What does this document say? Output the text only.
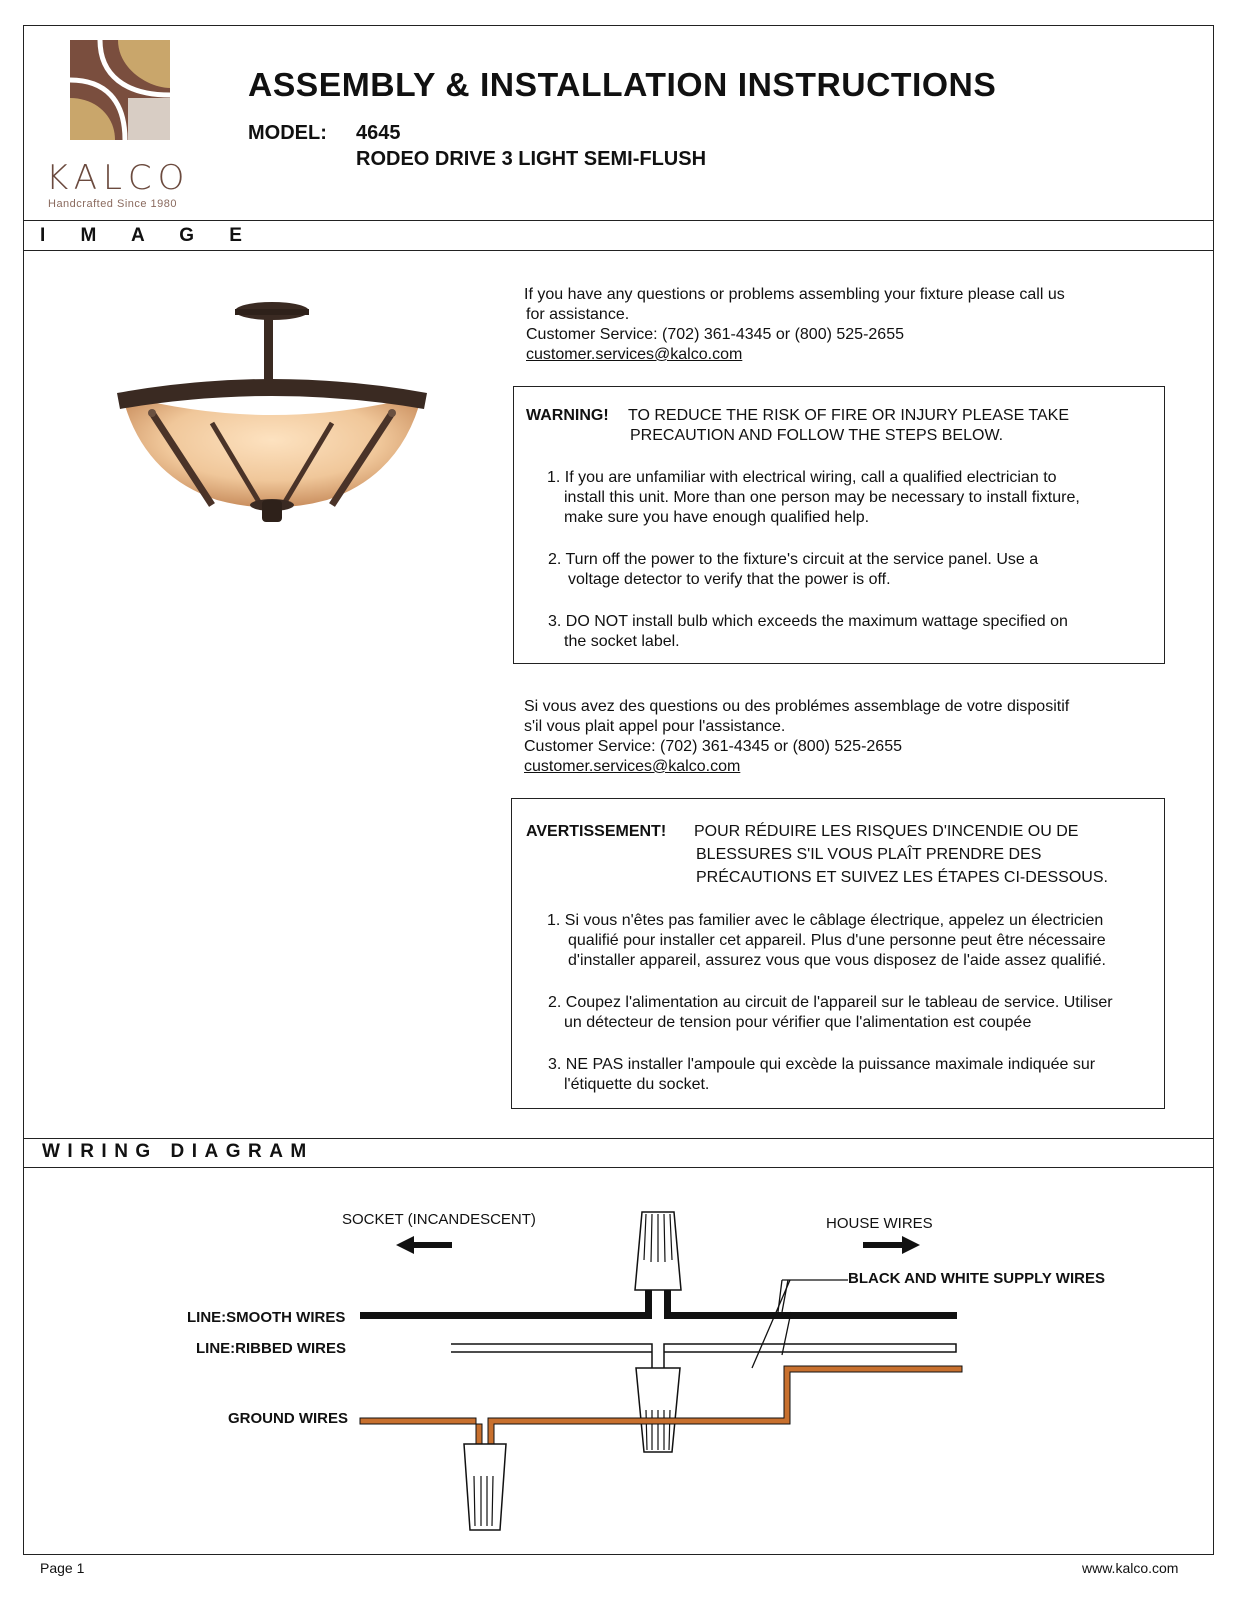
KALCO
Handcrafted Since 1980
ASSEMBLY & INSTALLATION INSTRUCTIONS
MODEL: 4645
RODEO DRIVE 3 LIGHT SEMI-FLUSH
I M A G E
WIRING DIAGRAM
If you have any questions or problems assembling your fixture please call us
for assistance.
Customer Service: (702) 361-4345 or (800) 525-2655
customer.services@kalco.com
WARNING! TO REDUCE THE RISK OF FIRE OR INJURY PLEASE TAKE
PRECAUTION AND FOLLOW THE STEPS BELOW.
1. If you are unfamiliar with electrical wiring, call a qualified electrician to
install this unit. More than one person may be necessary to install fixture,
make sure you have enough qualified help.
2. Turn off the power to the fixture's circuit at the service panel. Use a
voltage detector to verify that the power is off.
3. DO NOT install bulb which exceeds the maximum wattage specified on
the socket label.
Si vous avez des questions ou des problémes assemblage de votre dispositif
s'il vous plait appel pour l'assistance.
Customer Service: (702) 361-4345 or (800) 525-2655
customer.services@kalco.com
AVERTISSEMENT! POUR RÉDUIRE LES RISQUES D'INCENDIE OU DE
BLESSURES S'IL VOUS PLAÎT PRENDRE DES
PRÉCAUTIONS ET SUIVEZ LES ÉTAPES CI-DESSOUS.
1. Si vous n'êtes pas familier avec le câblage électrique, appelez un électricien
qualifié pour installer cet appareil. Plus d'une personne peut être nécessaire
d'installer appareil, assurez vous que vous disposez de l'aide assez qualifié.
2. Coupez l'alimentation au circuit de l'appareil sur le tableau de service. Utiliser
un détecteur de tension pour vérifier que l'alimentation est coupée
3. NE PAS installer l'ampoule qui excède la puissance maximale indiquée sur
l'étiquette du socket.
SOCKET (INCANDESCENT)	HOUSE WIRES
BLACK AND WHITE SUPPLY WIRES
LINE:SMOOTH WIRES
LINE:RIBBED WIRES
GROUND WIRES
Page 1	www.kalco.com
